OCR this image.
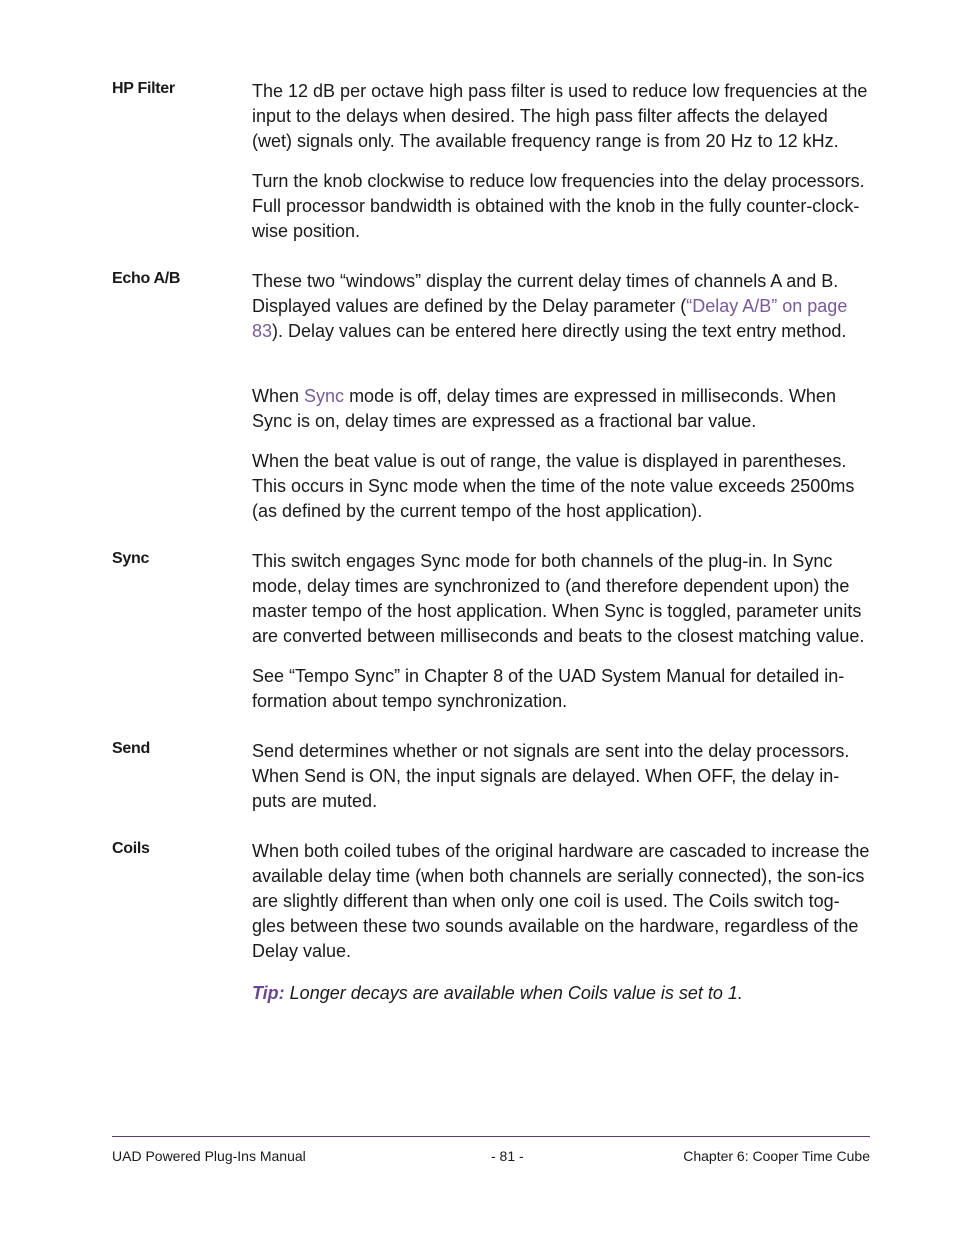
HP Filter	The 12 dB per octave high pass filter is used to reduce low frequencies at the input to the delays when desired. The high pass filter affects the delayed (wet) signals only. The available frequency range is from 20 Hz to 12 kHz.
Turn the knob clockwise to reduce low frequencies into the delay processors. Full processor bandwidth is obtained with the knob in the fully counter-clock-wise position.
Echo A/B	These two “windows” display the current delay times of channels A and B. Displayed values are defined by the Delay parameter (“Delay A/B” on page 83). Delay values can be entered here directly using the text entry method.
When Sync mode is off, delay times are expressed in milliseconds. When Sync is on, delay times are expressed as a fractional bar value.
When the beat value is out of range, the value is displayed in parentheses. This occurs in Sync mode when the time of the note value exceeds 2500ms (as defined by the current tempo of the host application).
Sync	This switch engages Sync mode for both channels of the plug-in. In Sync mode, delay times are synchronized to (and therefore dependent upon) the master tempo of the host application. When Sync is toggled, parameter units are converted between milliseconds and beats to the closest matching value.
See “Tempo Sync” in Chapter 8 of the UAD System Manual for detailed in-formation about tempo synchronization.
Send	Send determines whether or not signals are sent into the delay processors. When Send is ON, the input signals are delayed. When OFF, the delay in-puts are muted.
Coils	When both coiled tubes of the original hardware are cascaded to increase the available delay time (when both channels are serially connected), the son-ics are slightly different than when only one coil is used. The Coils switch tog-gles between these two sounds available on the hardware, regardless of the Delay value.
Tip: Longer decays are available when Coils value is set to 1.
UAD Powered Plug-Ins Manual	- 81 -	Chapter 6: Cooper Time Cube
